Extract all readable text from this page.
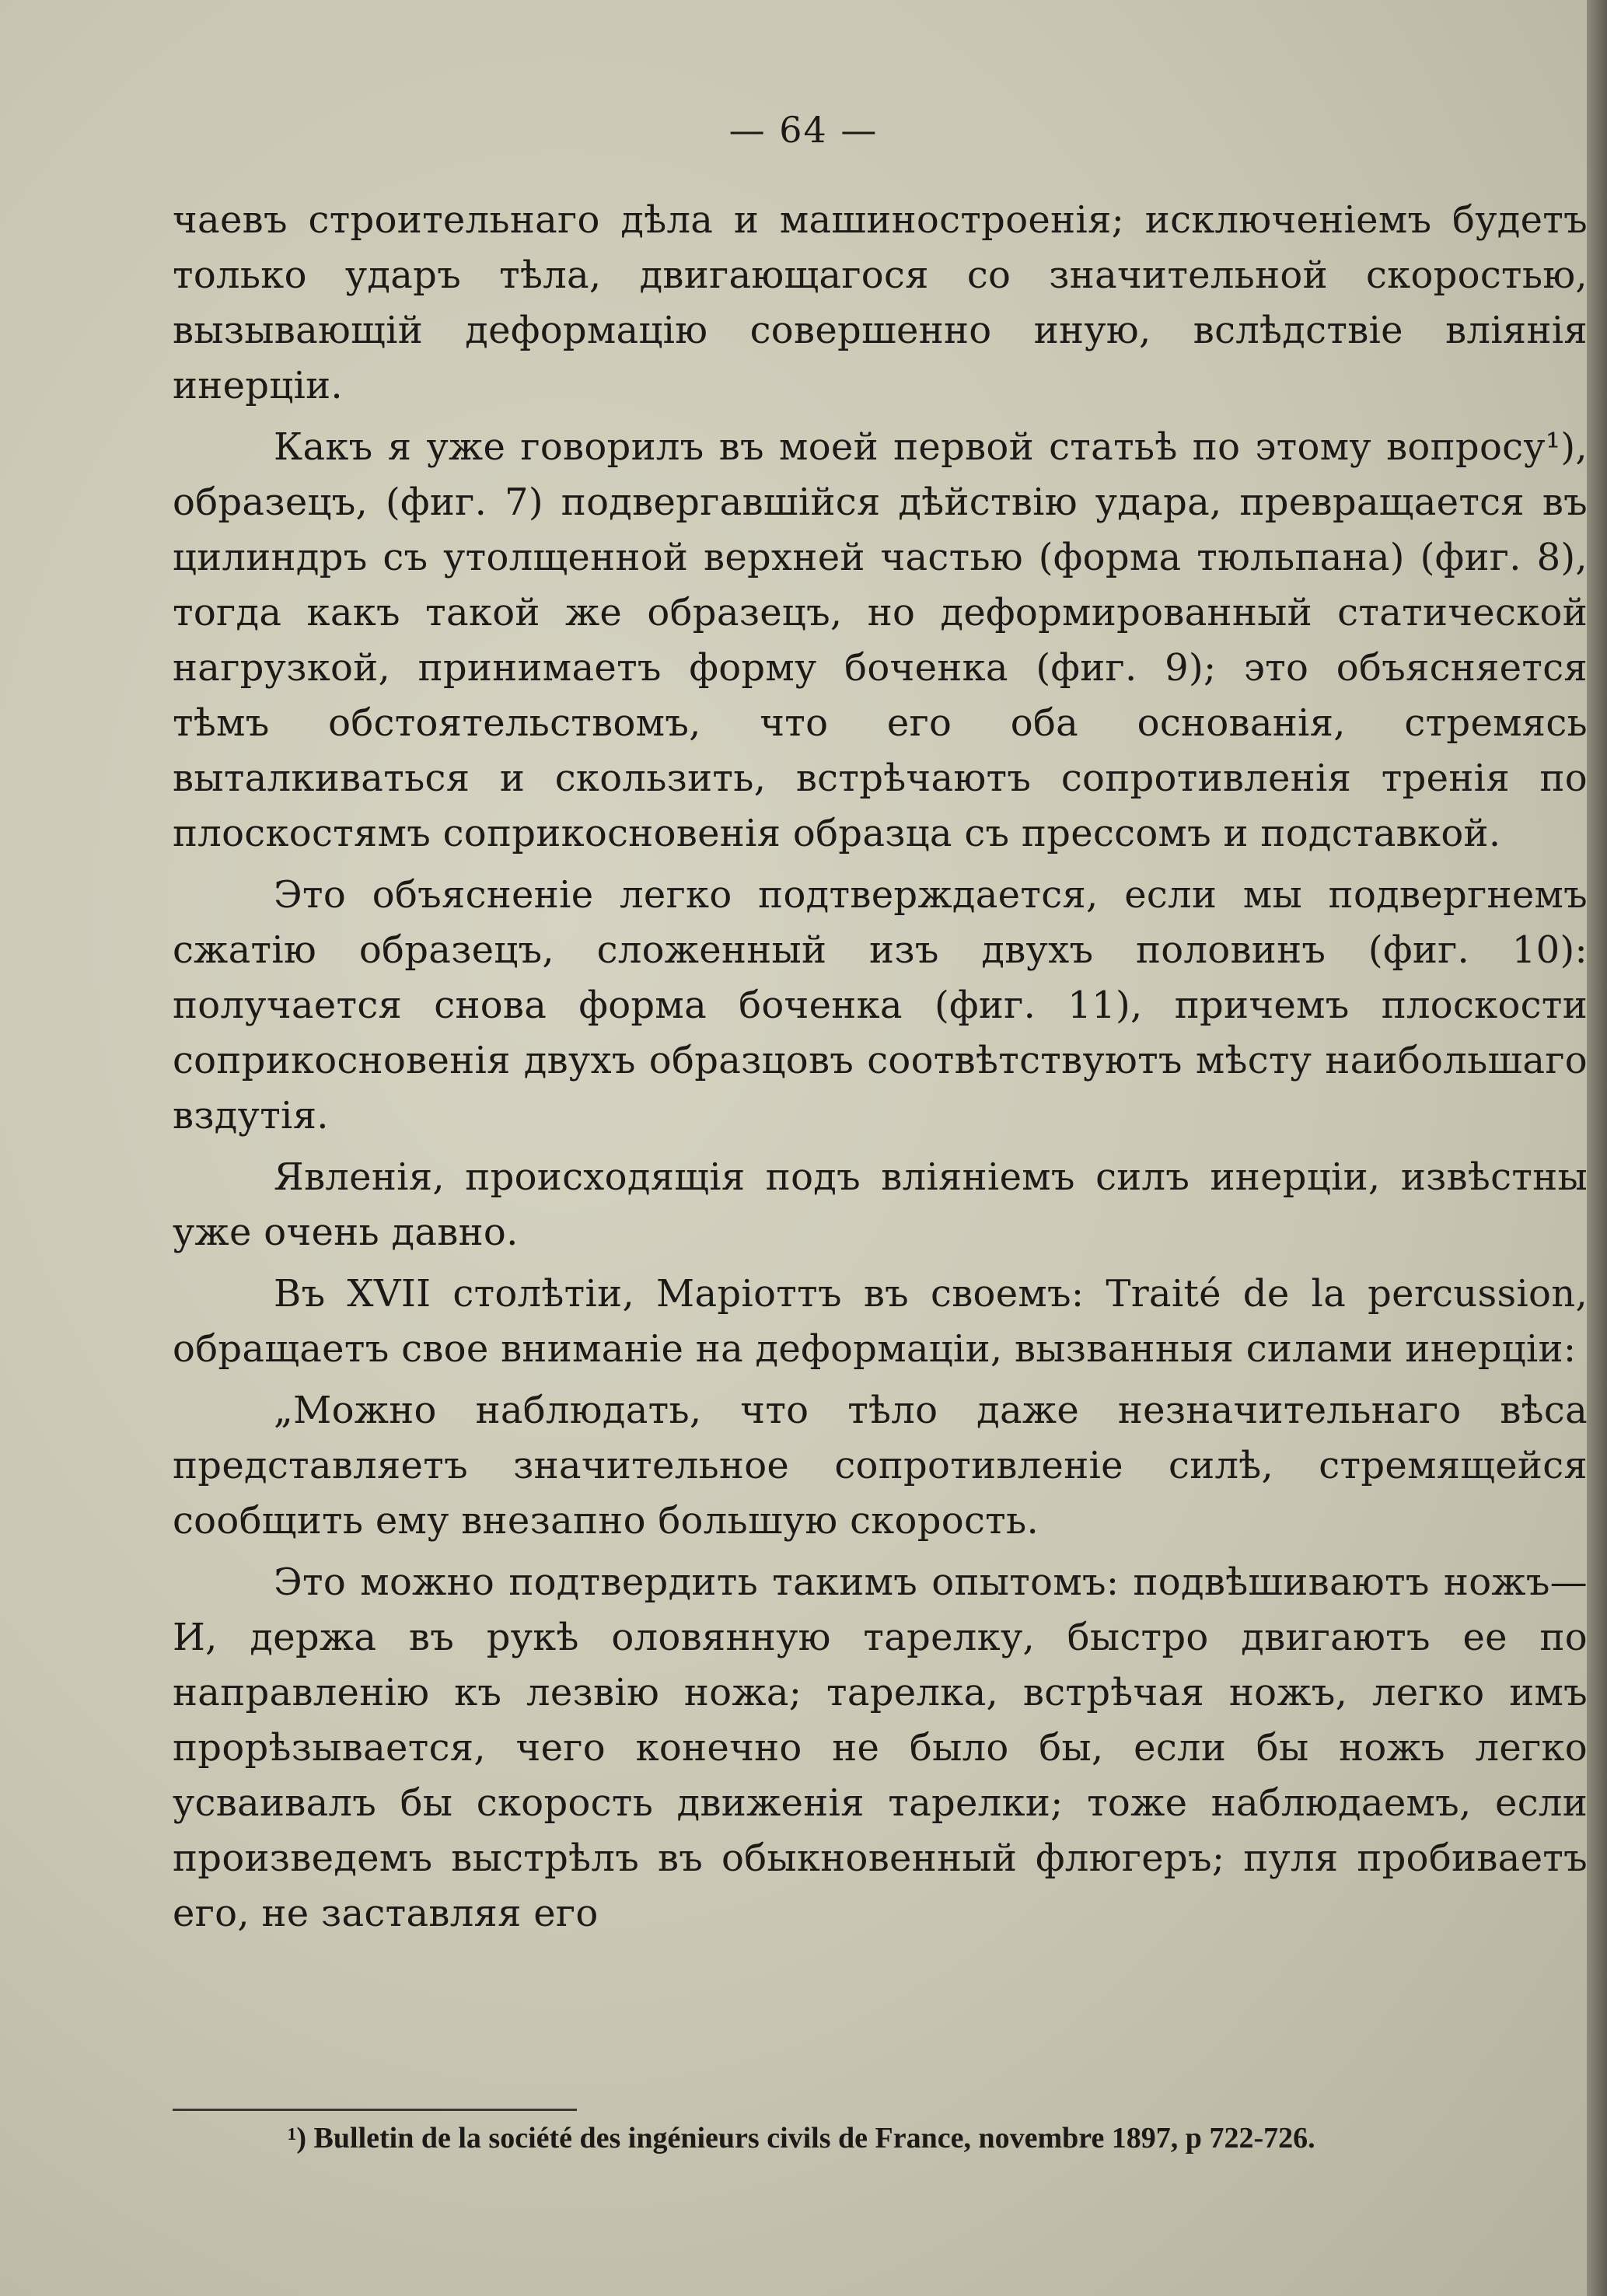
— 64 —

чаевъ строительнаго дѣла и машиностроенія; исключеніемъ будетъ только ударъ тѣла, двигающагося со значительной скоростью, вызывающій деформацію совершенно иную, вслѣдствіе вліянія инерціи.

Какъ я уже говорилъ въ моей первой статьѣ по этому вопросу¹), образецъ, (фиг. 7) подвергавшійся дѣйствію удара, превращается въ цилиндръ съ утолщенной верхней частью (форма тюльпана) (фиг. 8), тогда какъ такой же образецъ, но деформированный статической нагрузкой, принимаетъ форму боченка (фиг. 9); это объясняется тѣмъ обстоятельствомъ, что его оба основанія, стремясь выталкиваться и скользить, встрѣчаютъ сопротивленія тренія по плоскостямъ соприкосновенія образца съ прессомъ и подставкой.

Это объясненіе легко подтверждается, если мы подвергнемъ сжатію образецъ, сложенный изъ двухъ половинъ (фиг. 10): получается снова форма боченка (фиг. 11), причемъ плоскости соприкосновенія двухъ образцовъ соотвѣтствуютъ мѣсту наибольшаго вздутія.

Явленія, происходящія подъ вліяніемъ силъ инерціи, извѣстны уже очень давно.

Въ XVII столѣтіи, Маріоттъ въ своемъ: Traité de la percussion, обращаетъ свое вниманіе на деформаціи, вызванныя силами инерціи:

„Можно наблюдать, что тѣло даже незначительнаго вѣса представляетъ значительное сопротивленіе силѣ, стремящейся сообщить ему внезапно большую скорость.

Это можно подтвердить такимъ опытомъ: подвѣшиваютъ ножъ—И, держа въ рукѣ оловянную тарелку, быстро двигаютъ ее по направленію къ лезвію ножа; тарелка, встрѣчая ножъ, легко имъ прорѣзывается, чего конечно не было бы, если бы ножъ легко усваивалъ бы скорость движенія тарелки; тоже наблюдаемъ, если произведемъ выстрѣлъ въ обыкновенный флюгеръ; пуля пробиваетъ его, не заставляя его

¹) Bulletin de la société des ingénieurs civils de France, novembre 1897, p 722-726.
